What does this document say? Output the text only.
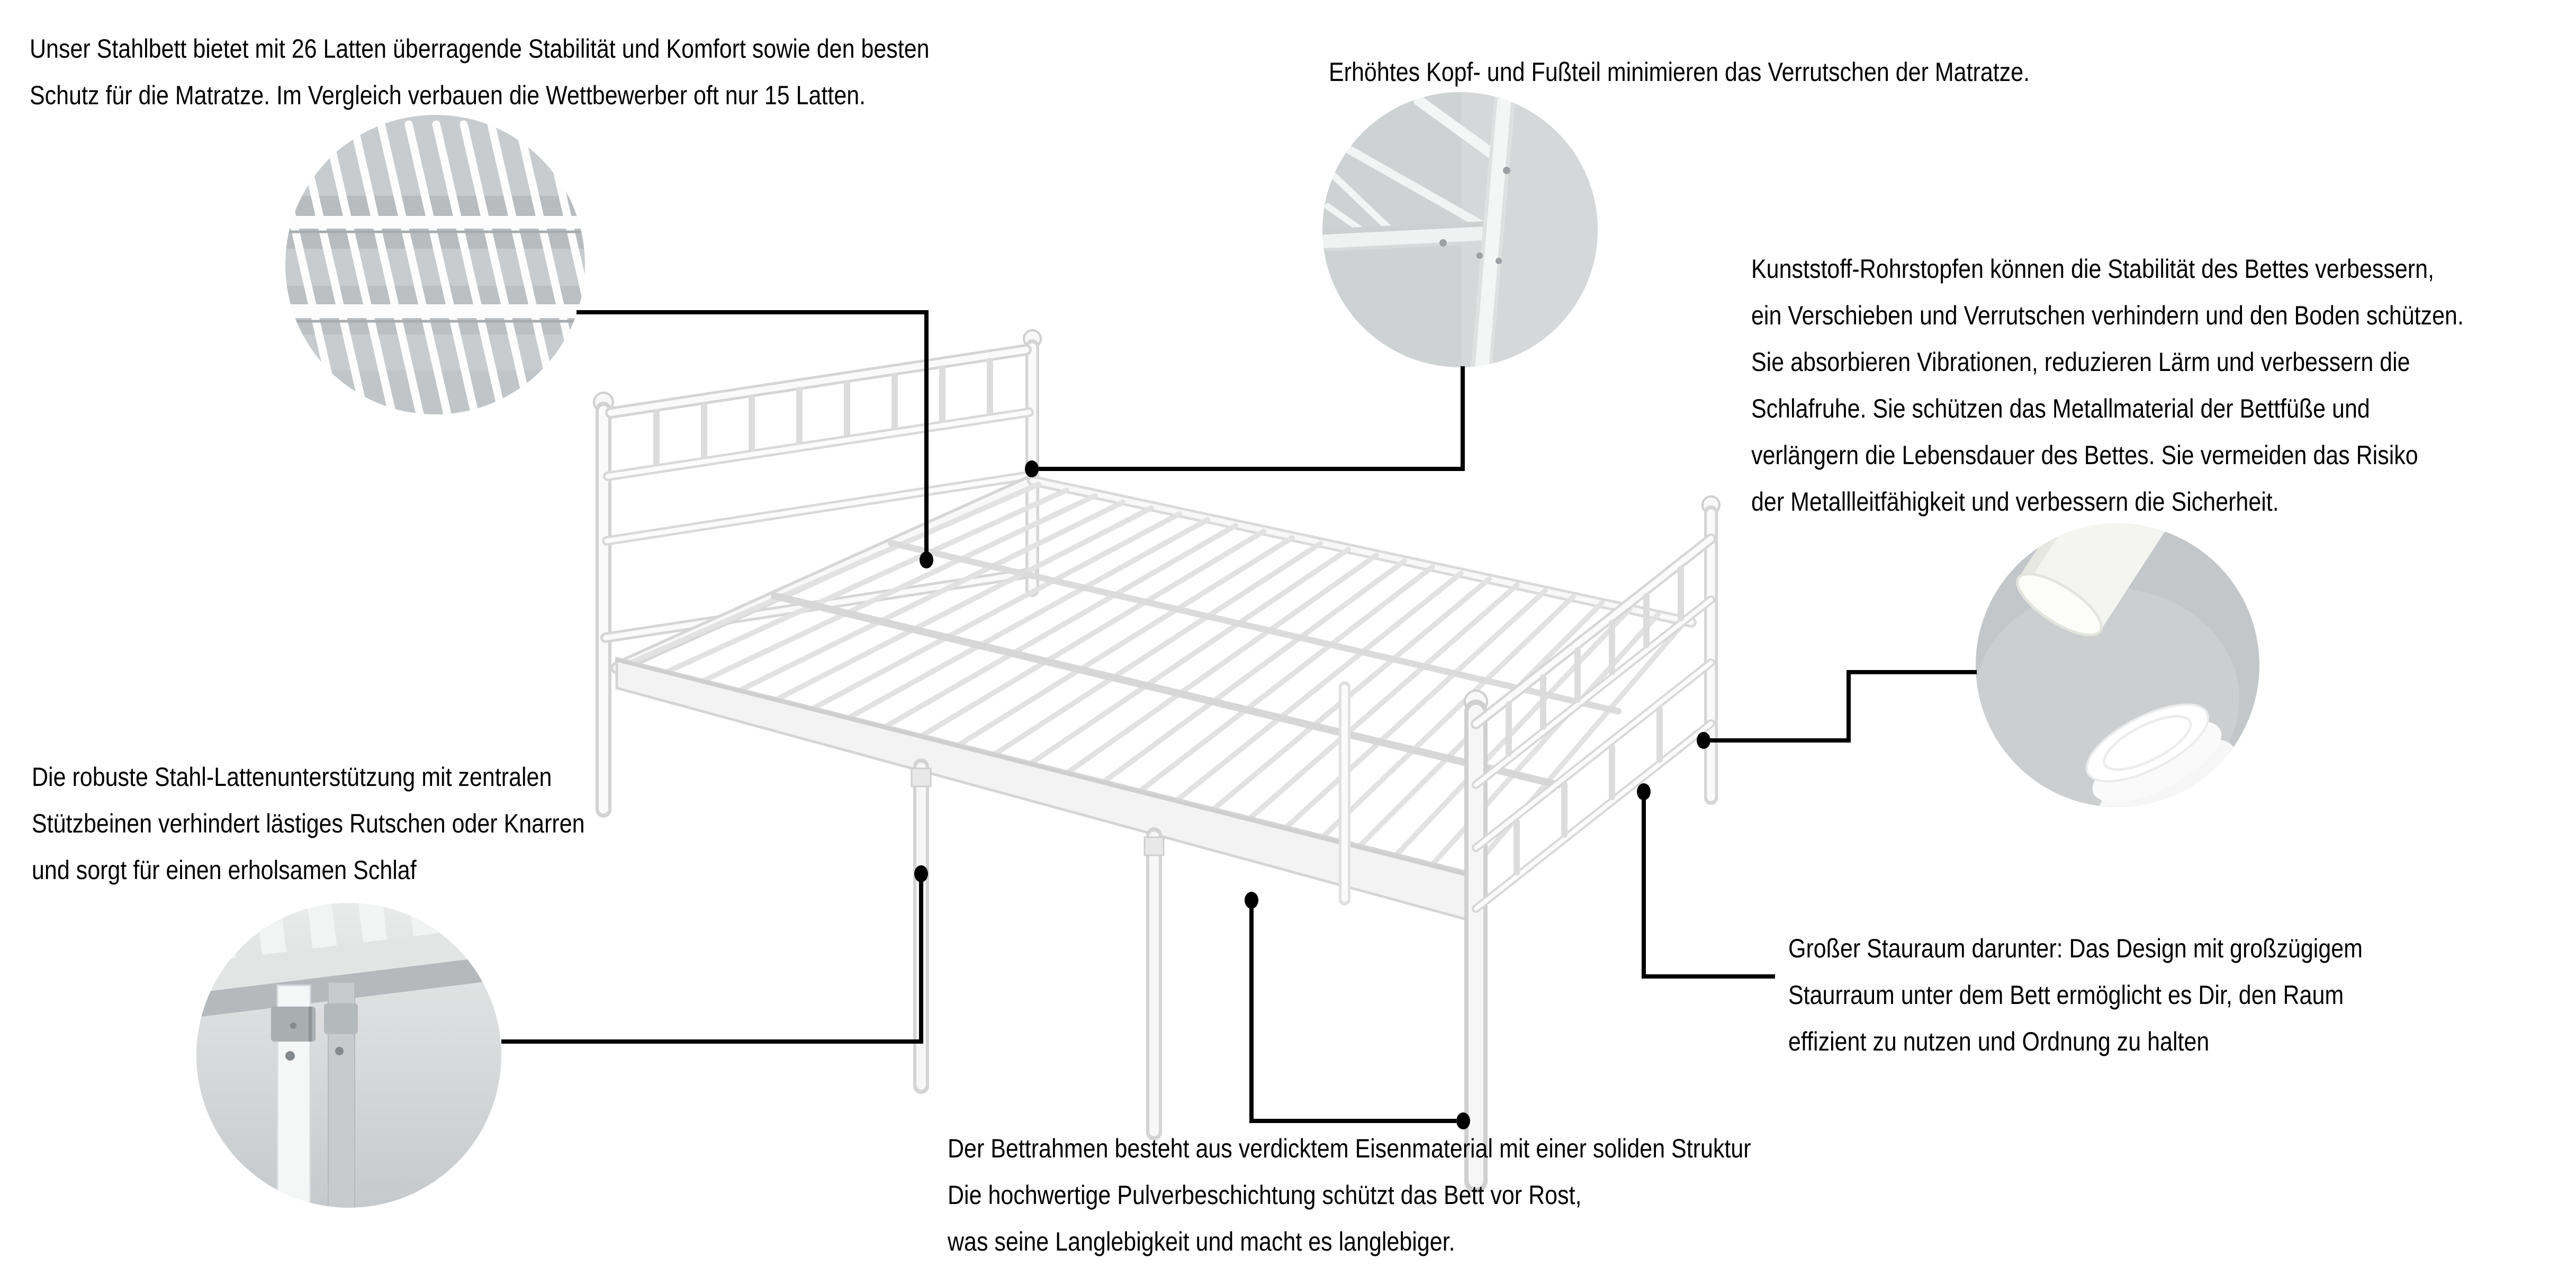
Unser Stahlbett bietet mit 26 Latten überragende Stabilität und Komfort sowie den besten
Schutz für die Matratze. Im Vergleich verbauen die Wettbewerber oft nur 15 Latten.
Erhöhtes Kopf- und Fußteil minimieren das Verrutschen der Matratze.
Kunststoff-Rohrstopfen können die Stabilität des Bettes verbessern,
ein Verschieben und Verrutschen verhindern und den Boden schützen.
Sie absorbieren Vibrationen, reduzieren Lärm und verbessern die
Schlafruhe. Sie schützen das Metallmaterial der Bettfüße und
verlängern die Lebensdauer des Bettes. Sie vermeiden das Risiko
der Metallleitfähigkeit und verbessern die Sicherheit.
Die robuste Stahl-Lattenunterstützung mit zentralen
Stützbeinen verhindert lästiges Rutschen oder Knarren
und sorgt für einen erholsamen Schlaf
Großer Stauraum darunter: Das Design mit großzügigem
Staurraum unter dem Bett ermöglicht es Dir, den Raum
effizient zu nutzen und Ordnung zu halten
Der Bettrahmen besteht aus verdicktem Eisenmaterial mit einer soliden Struktur
Die hochwertige Pulverbeschichtung schützt das Bett vor Rost,
was seine Langlebigkeit und macht es langlebiger.
